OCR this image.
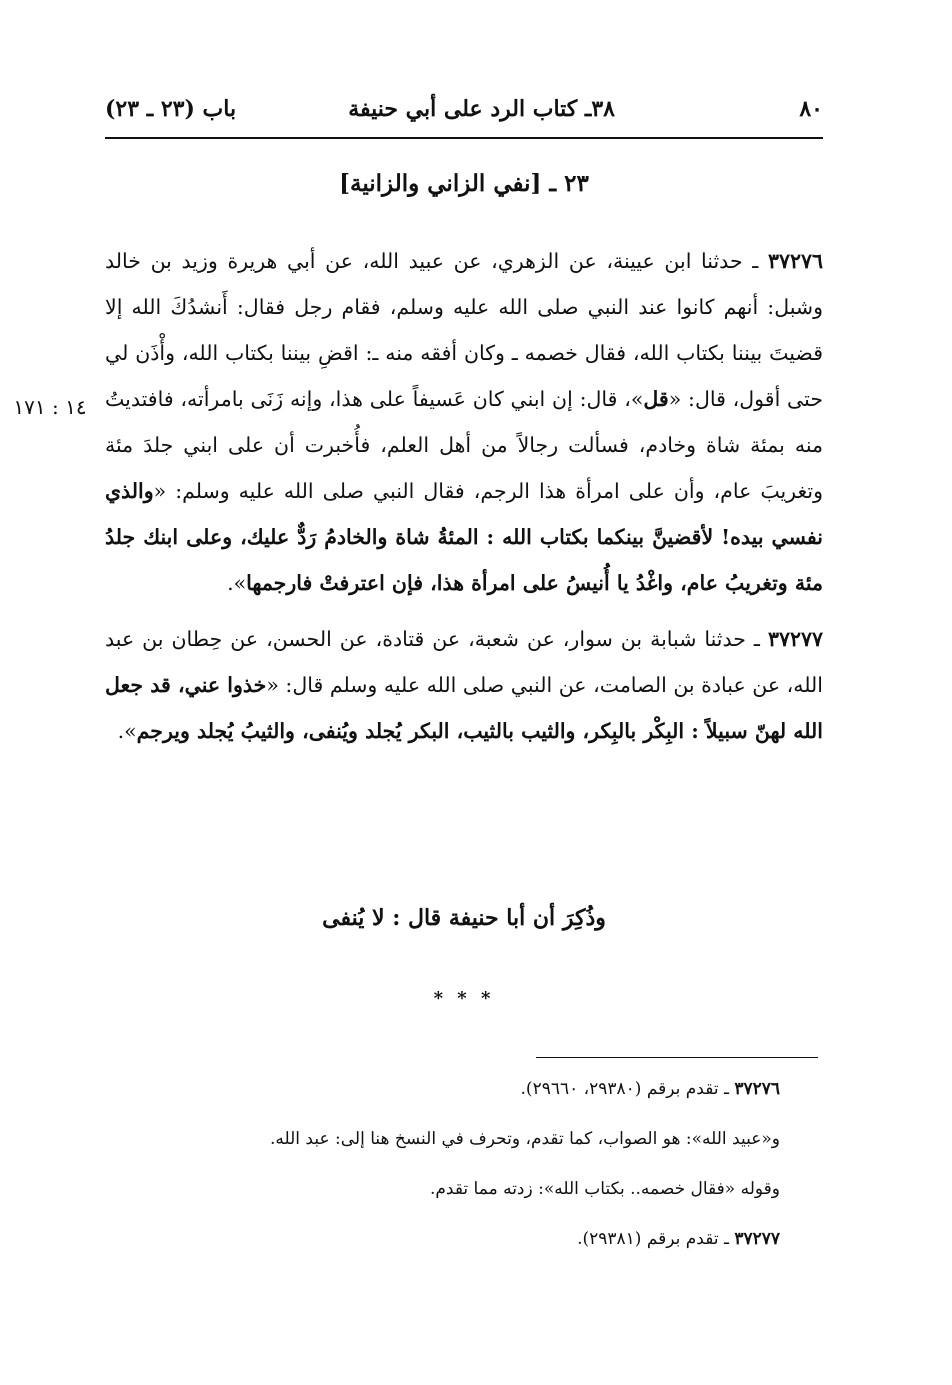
٨٠
٣٨ـ كتاب الرد على أبي حنيفة
باب (٢٣ ـ ٢٣)
٢٣ ـ [نفي الزاني والزانية]

٣٧٢٧٦ ـ حدثنا ابن عيينة، عن الزهري، عن عبيد الله، عن أبي هريرة وزيد بن خالد وشبل: أنهم كانوا عند النبي صلى الله عليه وسلم، فقام رجل فقال: أَنشدُكَ الله إلا قضيتَ بيننا بكتاب الله، فقال خصمه ـ وكان أفقه منه ـ: اقضِ بيننا بكتاب الله، وأْذَن لي حتى أقول، قال: «قل»، قال: إن ابني كان عَسيفاً على هذا، وإنه زَنَى بامرأته، فافتديتُ منه بمئة شاة وخادم، فسألت رجالاً من أهل العلم، فأُخبرت أن على ابني جلدَ مئة وتغريبَ عام، وأن على امرأة هذا الرجم، فقال النبي صلى الله عليه وسلم: «والذي نفسي بيده! لأقضينَّ بينكما بكتاب الله : المئةُ شاة والخادمُ رَدٌّ عليك، وعلى ابنك جلدُ مئة وتغريبُ عام، واغْدُ يا أُنيسُ على امرأة هذا، فإن اعترفتْ فارجمها».

٣٧٢٧٧ ـ حدثنا شبابة بن سوار، عن شعبة، عن قتادة، عن الحسن، عن حِطان بن عبد الله، عن عبادة بن الصامت، عن النبي صلى الله عليه وسلم قال: «خذوا عني، قد جعل الله لهنّ سبيلاً : البِكْر بالبِكر، والثيب بالثيب، البكر يُجلد ويُنفى، والثيبُ يُجلد ويرجم».

١٤ : ١٧١
وذُكِرَ أن أبا حنيفة قال : لا يُنفى
* * *
٣٧٢٧٦ ـ تقدم برقم (٢٩٣٨٠، ٢٩٦٦٠).
و«عبيد الله»: هو الصواب، كما تقدم، وتحرف في النسخ هنا إلى: عبد الله.
وقوله «فقال خصمه.. بكتاب الله»: زدته مما تقدم.
٣٧٢٧٧ ـ تقدم برقم (٢٩٣٨١).
